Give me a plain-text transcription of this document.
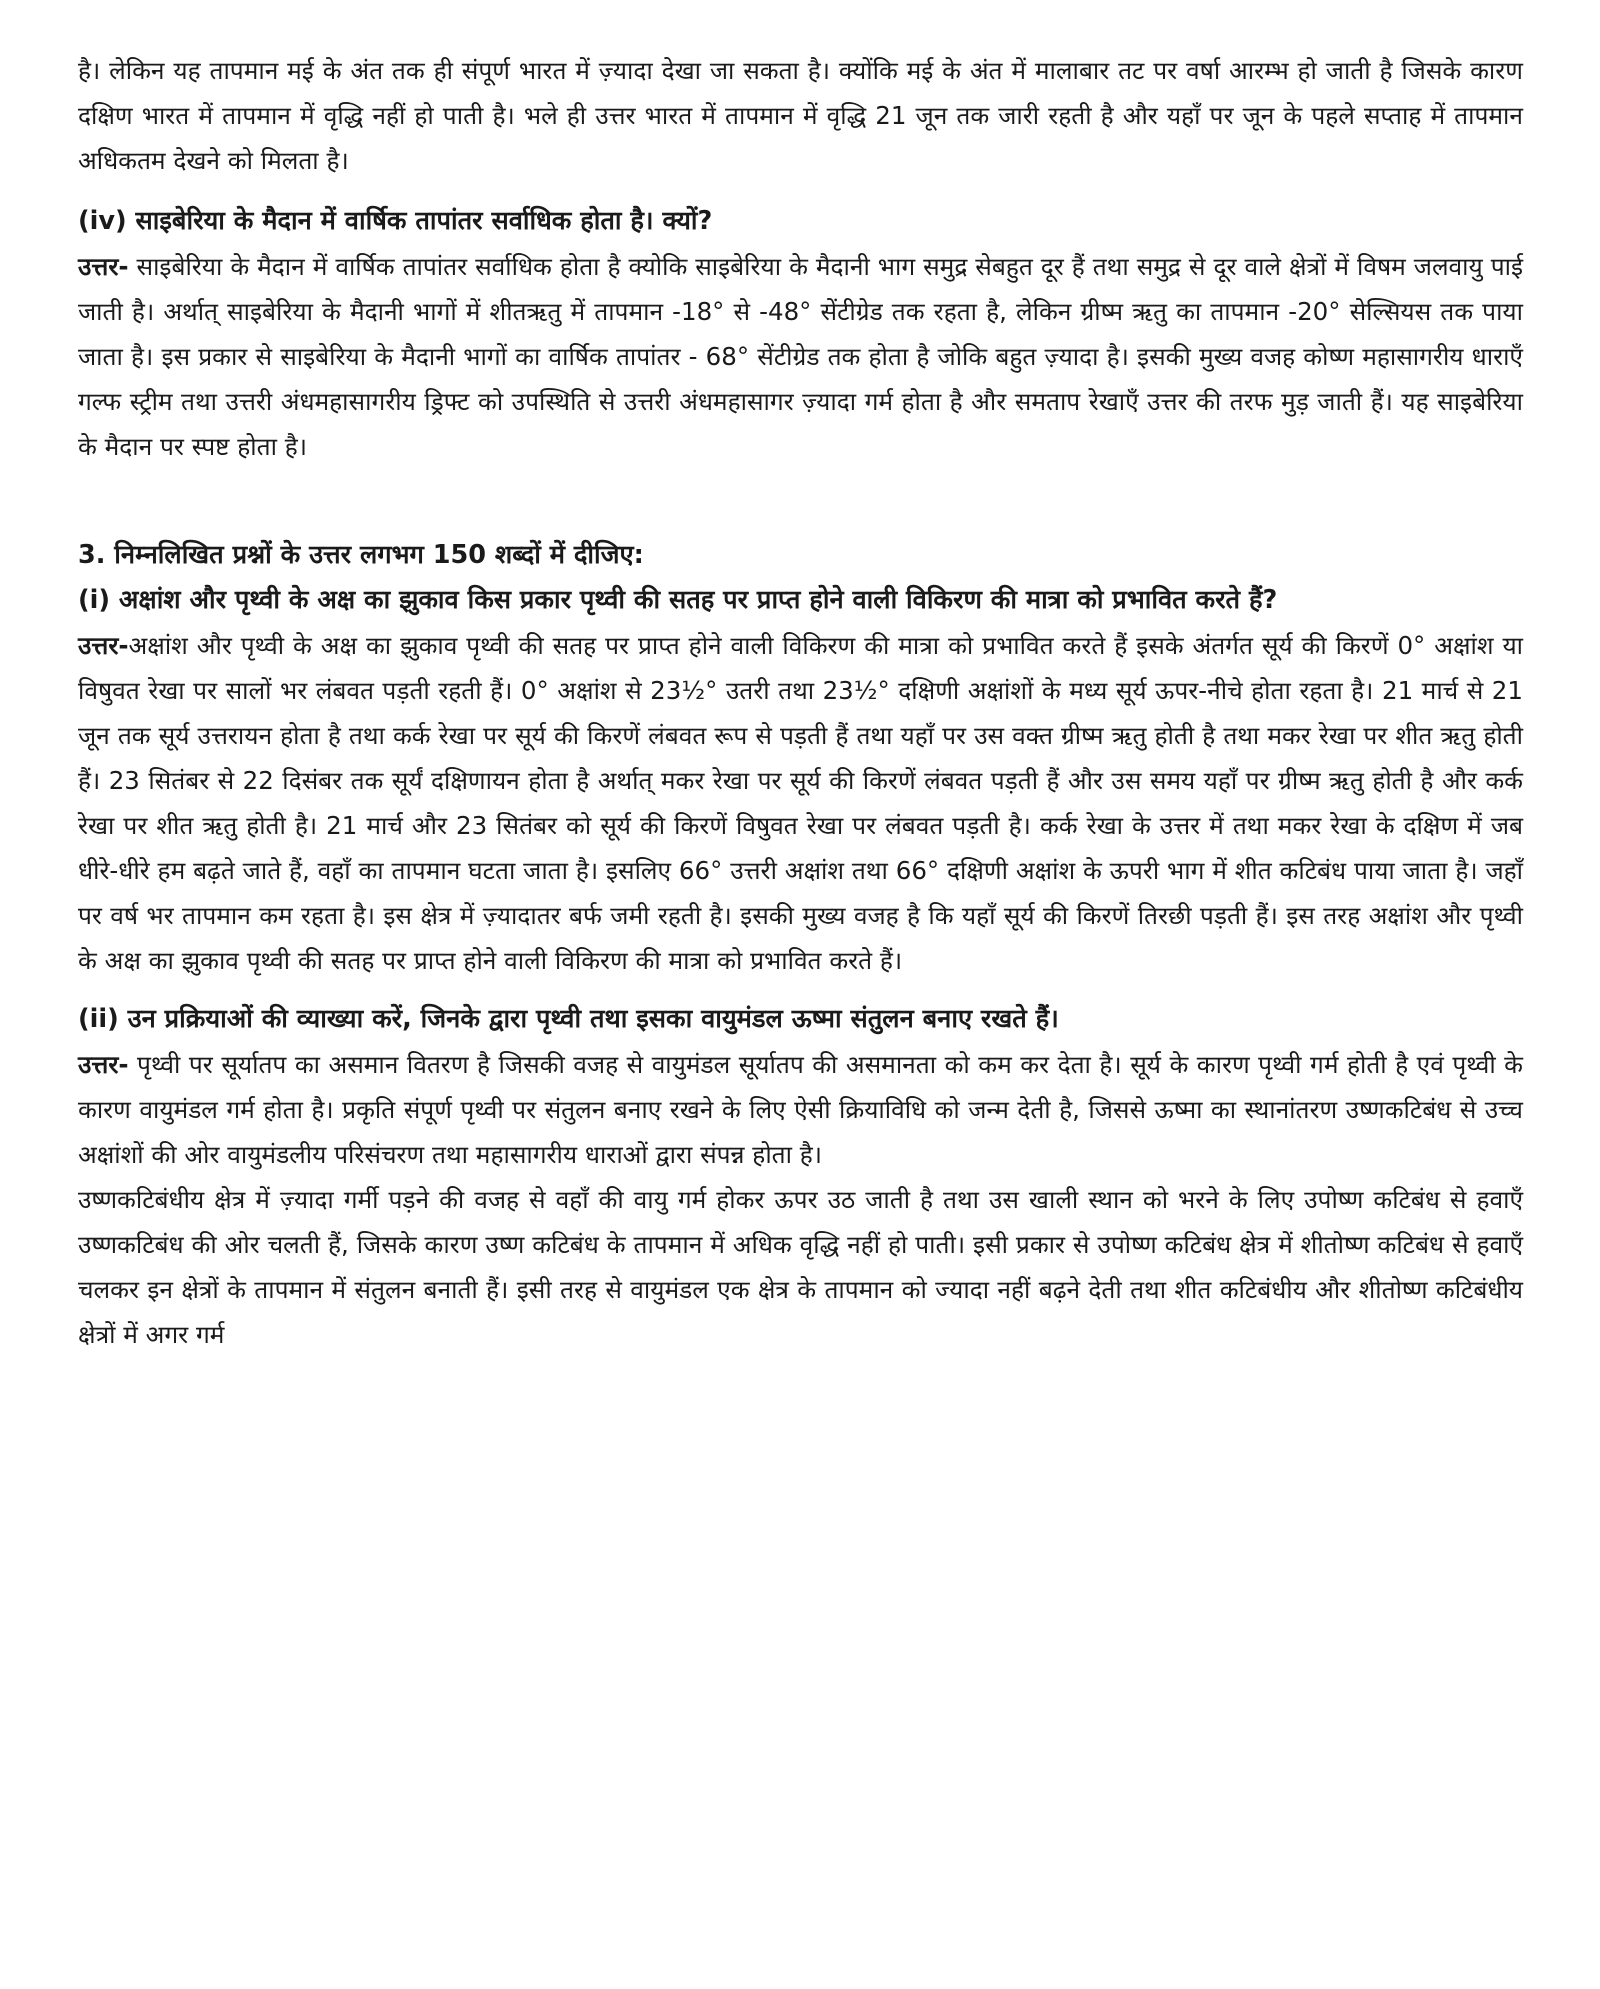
है। लेकिन यह तापमान मई के अंत तक ही संपूर्ण भारत में ज़्यादा देखा जा सकता है। क्योंकि मई के अंत में मालाबार तट पर वर्षा आरम्भ हो जाती है जिसके कारण दक्षिण भारत में तापमान में वृद्धि नहीं हो पाती है। भले ही उत्तर भारत में तापमान में वृद्धि 21 जून तक जारी रहती है और यहाँ पर जून के पहले सप्ताह में तापमान अधिकतम देखने को मिलता है।

(iv) साइबेरिया के मैदान में वार्षिक तापांतर सर्वाधिक होता है। क्यों?

उत्तर- साइबेरिया के मैदान में वार्षिक तापांतर सर्वाधिक होता है क्योकि साइबेरिया के मैदानी भाग समुद्र सेबहुत दूर हैं तथा समुद्र से दूर वाले क्षेत्रों में विषम जलवायु पाई जाती है। अर्थात् साइबेरिया के मैदानी भागों में शीतऋतु में तापमान -18° से -48° सेंटीग्रेड तक रहता है, लेकिन ग्रीष्म ऋतु का तापमान -20° सेल्सियस तक पाया जाता है। इस प्रकार से साइबेरिया के मैदानी भागों का वार्षिक तापांतर - 68° सेंटीग्रेड तक होता है जोकि बहुत ज़्यादा है। इसकी मुख्य वजह कोष्ण महासागरीय धाराएँ गल्फ स्ट्रीम तथा उत्तरी अंधमहासागरीय ड्रिफ्ट को उपस्थिति से उत्तरी अंधमहासागर ज़्यादा गर्म होता है और समताप रेखाएँ उत्तर की तरफ मुड़ जाती हैं। यह साइबेरिया के मैदान पर स्पष्ट होता है।

3. निम्नलिखित प्रश्नों के उत्तर लगभग 150 शब्दों में दीजिए:

(i) अक्षांश और पृथ्वी के अक्ष का झुकाव किस प्रकार पृथ्वी की सतह पर प्राप्त होने वाली विकिरण की मात्रा को प्रभावित करते हैं?

उत्तर-अक्षांश और पृथ्वी के अक्ष का झुकाव पृथ्वी की सतह पर प्राप्त होने वाली विकिरण की मात्रा को प्रभावित करते हैं इसके अंतर्गत सूर्य की किरणें 0° अक्षांश या विषुवत रेखा पर सालों भर लंबवत पड़ती रहती हैं। 0° अक्षांश से 23½° उतरी तथा 23½° दक्षिणी अक्षांशों के मध्य सूर्य ऊपर-नीचे होता रहता है। 21 मार्च से 21 जून तक सूर्य उत्तरायन होता है तथा कर्क रेखा पर सूर्य की किरणें लंबवत रूप से पड़ती हैं तथा यहाँ पर उस वक्त ग्रीष्म ऋतु होती है तथा मकर रेखा पर शीत ऋतु होती हैं। 23 सितंबर से 22 दिसंबर तक सूर्यं दक्षिणायन होता है अर्थात् मकर रेखा पर सूर्य की किरणें लंबवत पड़ती हैं और उस समय यहाँ पर ग्रीष्म ऋतु होती है और कर्क रेखा पर शीत ऋतु होती है। 21 मार्च और 23 सितंबर को सूर्य की किरणें विषुवत रेखा पर लंबवत पड़ती है। कर्क रेखा के उत्तर में तथा मकर रेखा के दक्षिण में जब धीरे-धीरे हम बढ़ते जाते हैं, वहाँ का तापमान घटता जाता है। इसलिए 66° उत्तरी अक्षांश तथा 66° दक्षिणी अक्षांश के ऊपरी भाग में शीत कटिबंध पाया जाता है। जहाँ पर वर्ष भर तापमान कम रहता है। इस क्षेत्र में ज़्यादातर बर्फ जमी रहती है। इसकी मुख्य वजह है कि यहाँ सूर्य की किरणें तिरछी पड़ती हैं। इस तरह अक्षांश और पृथ्वी के अक्ष का झुकाव पृथ्वी की सतह पर प्राप्त होने वाली विकिरण की मात्रा को प्रभावित करते हैं।

(ii) उन प्रक्रियाओं की व्याख्या करें, जिनके द्वारा पृथ्वी तथा इसका वायुमंडल ऊष्मा संतुलन बनाए रखते हैं।

उत्तर- पृथ्वी पर सूर्यातप का असमान वितरण है जिसकी वजह से वायुमंडल सूर्यातप की असमानता को कम कर देता है। सूर्य के कारण पृथ्वी गर्म होती है एवं पृथ्वी के कारण वायुमंडल गर्म होता है। प्रकृति संपूर्ण पृथ्वी पर संतुलन बनाए रखने के लिए ऐसी क्रियाविधि को जन्म देती है, जिससे ऊष्मा का स्थानांतरण उष्णकटिबंध से उच्च अक्षांशों की ओर वायुमंडलीय परिसंचरण तथा महासागरीय धाराओं द्वारा संपन्न होता है।

उष्णकटिबंधीय क्षेत्र में ज़्यादा गर्मी पड़ने की वजह से वहाँ की वायु गर्म होकर ऊपर उठ जाती है तथा उस खाली स्थान को भरने के लिए उपोष्ण कटिबंध से हवाएँ उष्णकटिबंध की ओर चलती हैं, जिसके कारण उष्ण कटिबंध के तापमान में अधिक वृद्धि नहीं हो पाती। इसी प्रकार से उपोष्ण कटिबंध क्षेत्र में शीतोष्ण कटिबंध से हवाएँ चलकर इन क्षेत्रों के तापमान में संतुलन बनाती हैं। इसी तरह से वायुमंडल एक क्षेत्र के तापमान को ज्यादा नहीं बढ़ने देती तथा शीत कटिबंधीय और शीतोष्ण कटिबंधीय क्षेत्रों में अगर गर्म
